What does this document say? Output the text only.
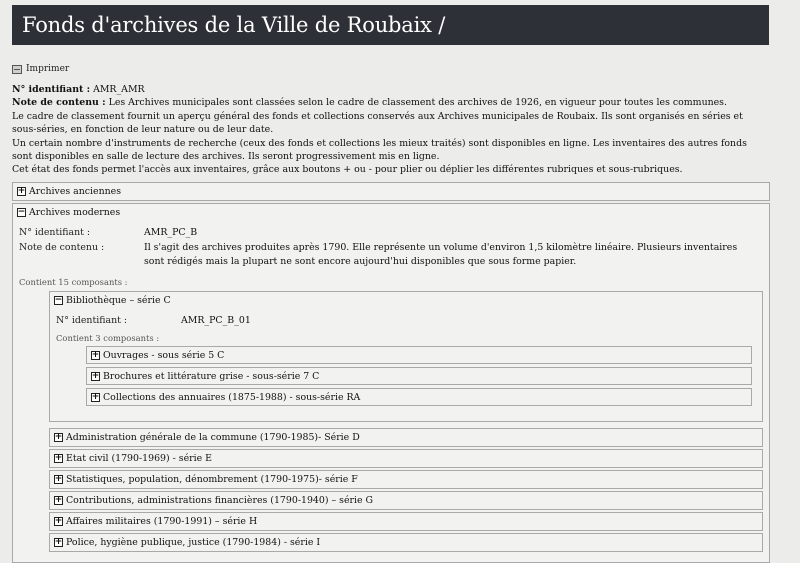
Fonds d'archives de la Ville de Roubaix /
Imprimer
N° identifiant : AMR_AMR
Note de contenu : Les Archives municipales sont classées selon le cadre de classement des archives de 1926, en vigueur pour toutes les communes.
Le cadre de classement fournit un aperçu général des fonds et collections conservés aux Archives municipales de Roubaix. Ils sont organisés en séries et sous-séries, en fonction de leur nature ou de leur date.
Un certain nombre d'instruments de recherche (ceux des fonds et collections les mieux traités) sont disponibles en ligne. Les inventaires des autres fonds sont disponibles en salle de lecture des archives. Ils seront progressivement mis en ligne.
Cet état des fonds permet l'accès aux inventaires, grâce aux boutons + ou - pour plier ou déplier les différentes rubriques et sous-rubriques.
+ Archives anciennes
− Archives modernes
N° identifiant :	AMR_PC_B
Note de contenu :	Il s'agit des archives produites après 1790. Elle représente un volume d'environ 1,5 kilomètre linéaire. Plusieurs inventaires sont rédigés mais la plupart ne sont encore aujourd'hui disponibles que sous forme papier.
Contient 15 composants :
− Bibliothèque – série C
N° identifiant :	AMR_PC_B_01
Contient 3 composants :
+ Ouvrages - sous série 5 C
+ Brochures et littérature grise - sous-série 7 C
+ Collections des annuaires (1875-1988) - sous-série RA
+ Administration générale de la commune (1790-1985)- Série D
+ Etat civil (1790-1969) - série E
+ Statistiques, population, dénombrement (1790-1975)- série F
+ Contributions, administrations financières (1790-1940) – série G
+ Affaires militaires (1790-1991) – série H
+ Police, hygiène publique, justice (1790-1984) - série I
